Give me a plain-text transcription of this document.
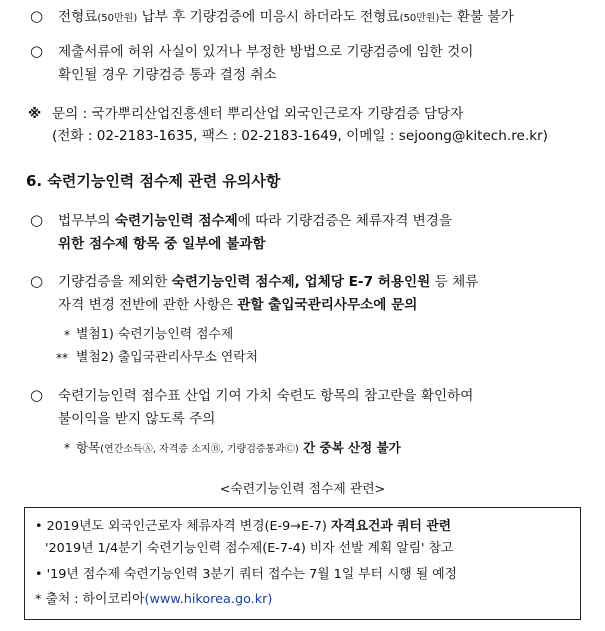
○ 전형료(50만원) 납부 후 기량검증에 미응시 하더라도 전형료(50만원)는 환불 불가
○ 제출서류에 허위 사실이 있거나 부정한 방법으로 기량검증에 임한 것이
확인될 경우 기량검증 통과 결정 취소
※ 문의 : 국가뿌리산업진흥센터 뿌리산업 외국인근로자 기량검증 담당자
(전화 : 02-2183-1635, 팩스 : 02-2183-1649, 이메일 : sejoong@kitech.re.kr)
6. 숙련기능인력 점수제 관련 유의사항
○ 법무부의 숙련기능인력 점수제에 따라 기량검증은 체류자격 변경을
위한 점수제 항목 중 일부에 불과함
○ 기량검증을 제외한 숙련기능인력 점수제, 업체당 E-7 허용인원 등 체류
자격 변경 전반에 관한 사항은 관할 출입국관리사무소에 문의
* 별첨1) 숙련기능인력 점수제
** 별첨2) 출입국관리사무소 연락처
○ 숙련기능인력 점수표 산업 기여 가치 숙련도 항목의 참고란을 확인하여
불이익을 받지 않도록 주의
* 항목(연간소득Ⓐ, 자격증 소지Ⓑ, 기량검증통과Ⓒ) 간 중복 산정 불가
<숙련기능인력 점수제 관련>
• 2019년도 외국인근로자 체류자격 변경(E-9→E-7) 자격요건과 쿼터 관련
'2019년 1/4분기 숙련기능인력 점수제(E-7-4) 비자 선발 계획 알림' 참고
• '19년 점수제 숙련기능인력 3분기 쿼터 접수는 7월 1일 부터 시행 될 예정
* 출처 : 하이코리아(www.hikorea.go.kr)
